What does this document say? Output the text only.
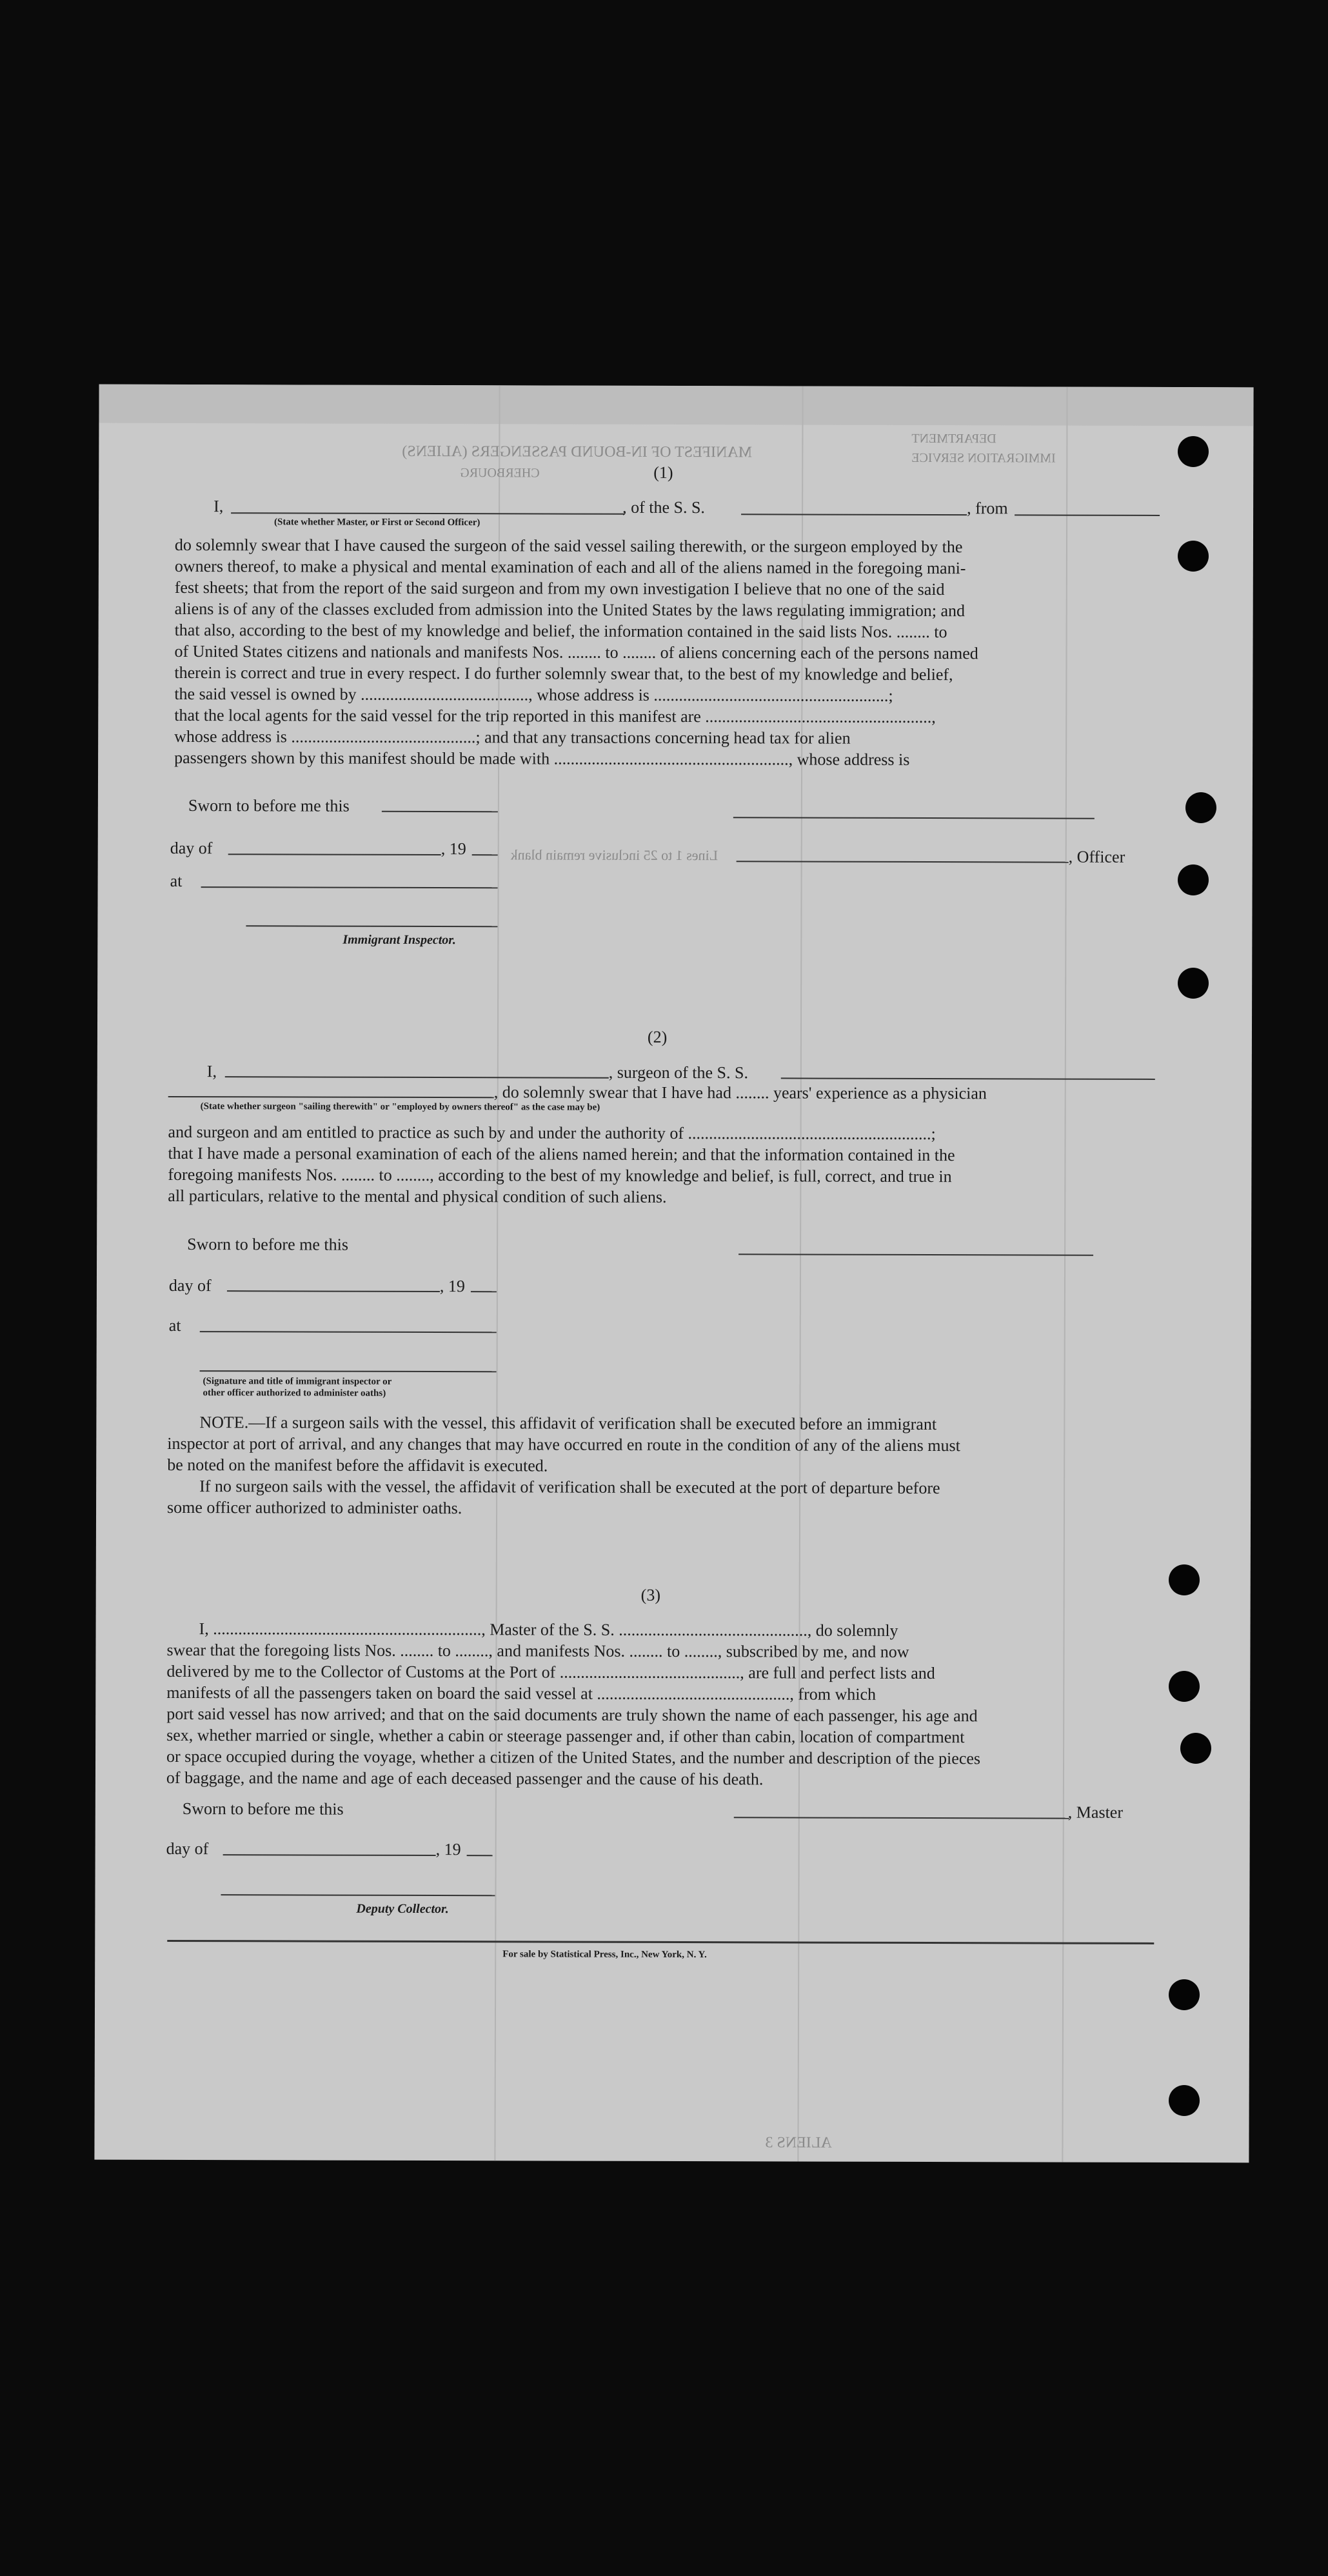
MANIFEST OF IN-BOUND PASSENGERS (ALIENS)
CHERBOURG
DEPARTMENT
IMMIGRATION SERVICE
Lines 1 to 25 inclusive remain blank
ALIENS 3
(1)
I,
(State whether Master, or First or Second Officer)
, of the S. S.	, from
do solemnly swear that I have caused the surgeon of the said vessel sailing therewith, or the surgeon employed by the
owners thereof, to make a physical and mental examination of each and all of the aliens named in the foregoing mani-
fest sheets; that from the report of the said surgeon and from my own investigation I believe that no one of the said
aliens is of any of the classes excluded from admission into the United States by the laws regulating immigration; and
that also, according to the best of my knowledge and belief, the information contained in the said lists Nos. ........ to
of United States citizens and nationals and manifests Nos. ........ to ........ of aliens concerning each of the persons named
therein is correct and true in every respect. I do further solemnly swear that, to the best of my knowledge and belief,
the said vessel is owned by ........................................, whose address is ........................................................;
that the local agents for the said vessel for the trip reported in this manifest are ......................................................,
whose address is ............................................; and that any transactions concerning head tax for alien
passengers shown by this manifest should be made with ........................................................, whose address is
Sworn to before me this
day of	, 19	, Officer
at
Immigrant Inspector.
(2)
I,	, surgeon of the S. S.
, do solemnly swear that I have had ........ years' experience as a physician
(State whether surgeon "sailing therewith" or "employed by owners thereof" as the case may be)
and surgeon and am entitled to practice as such by and under the authority of ..........................................................;
that I have made a personal examination of each of the aliens named herein; and that the information contained in the
foregoing manifests Nos. ........ to ........, according to the best of my knowledge and belief, is full, correct, and true in
all particulars, relative to the mental and physical condition of such aliens.
Sworn to before me this
day of	, 19
at
(Signature and title of immigrant inspector or
other officer authorized to administer oaths)
NOTE.—If a surgeon sails with the vessel, this affidavit of verification shall be executed before an immigrant
inspector at port of arrival, and any changes that may have occurred en route in the condition of any of the aliens must
be noted on the manifest before the affidavit is executed.
If no surgeon sails with the vessel, the affidavit of verification shall be executed at the port of departure before
some officer authorized to administer oaths.
(3)
I, ................................................................, Master of the S. S. ............................................., do solemnly
swear that the foregoing lists Nos. ........ to ........, and manifests Nos. ........ to ........, subscribed by me, and now
delivered by me to the Collector of Customs at the Port of ..........................................., are full and perfect lists and
manifests of all the passengers taken on board the said vessel at .............................................., from which
port said vessel has now arrived; and that on the said documents are truly shown the name of each passenger, his age and
sex, whether married or single, whether a cabin or steerage passenger and, if other than cabin, location of compartment
or space occupied during the voyage, whether a citizen of the United States, and the number and description of the pieces
of baggage, and the name and age of each deceased passenger and the cause of his death.
Sworn to before me this	, Master
day of	, 19
Deputy Collector.
For sale by Statistical Press, Inc., New York, N. Y.
